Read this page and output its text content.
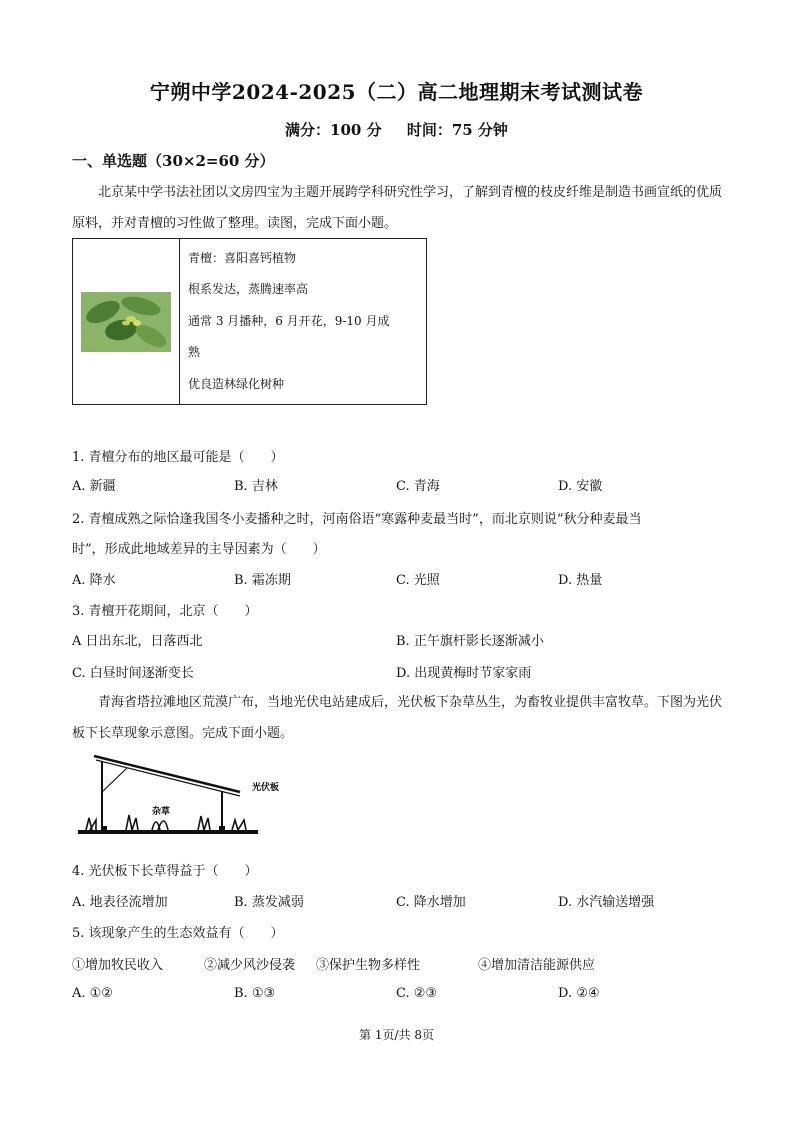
宁朔中学2024-2025（二）高二地理期末考试测试卷
满分：100 分 时间：75 分钟
一、单选题（30×2=60 分）
北京某中学书法社团以文房四宝为主题开展跨学科研究性学习，了解到青檀的枝皮纤维是制造书画宣纸的优质原料，并对青檀的习性做了整理。读图，完成下面小题。

青檀：喜阳喜钙植物
根系发达，蒸腾速率高
通常 3 月播种，6 月开花，9-10 月成
熟
优良造林绿化树种
1. 青檀分布的地区最可能是（　　）
A. 新疆	B. 吉林	C. 青海	D. 安徽
2. 青檀成熟之际恰逢我国冬小麦播种之时，河南俗语“寒露种麦最当时”，而北京则说“秋分种麦最当
时”，形成此地域差异的主导因素为（　　）
A. 降水	B. 霜冻期	C. 光照	D. 热量
3. 青檀开花期间，北京（　　）
A 日出东北，日落西北	B. 正午旗杆影长逐渐减小
C. 白昼时间逐渐变长	D. 出现黄梅时节家家雨
青海省塔拉滩地区荒漠广布，当地光伏电站建成后，光伏板下杂草丛生，为畜牧业提供丰富牧草。下图为光伏板下长草现象示意图。完成下面小题。
光伏板
杂草
4. 光伏板下长草得益于（　　）
A. 地表径流增加	B. 蒸发减弱	C. 降水增加	D. 水汽输送增强
5. 该现象产生的生态效益有（　　）
①增加牧民收入	②减少风沙侵袭 ③保护生物多样性	④增加清洁能源供应
A. ①②	B. ①③	C. ②③	D. ②④
第 1页/共 8页
